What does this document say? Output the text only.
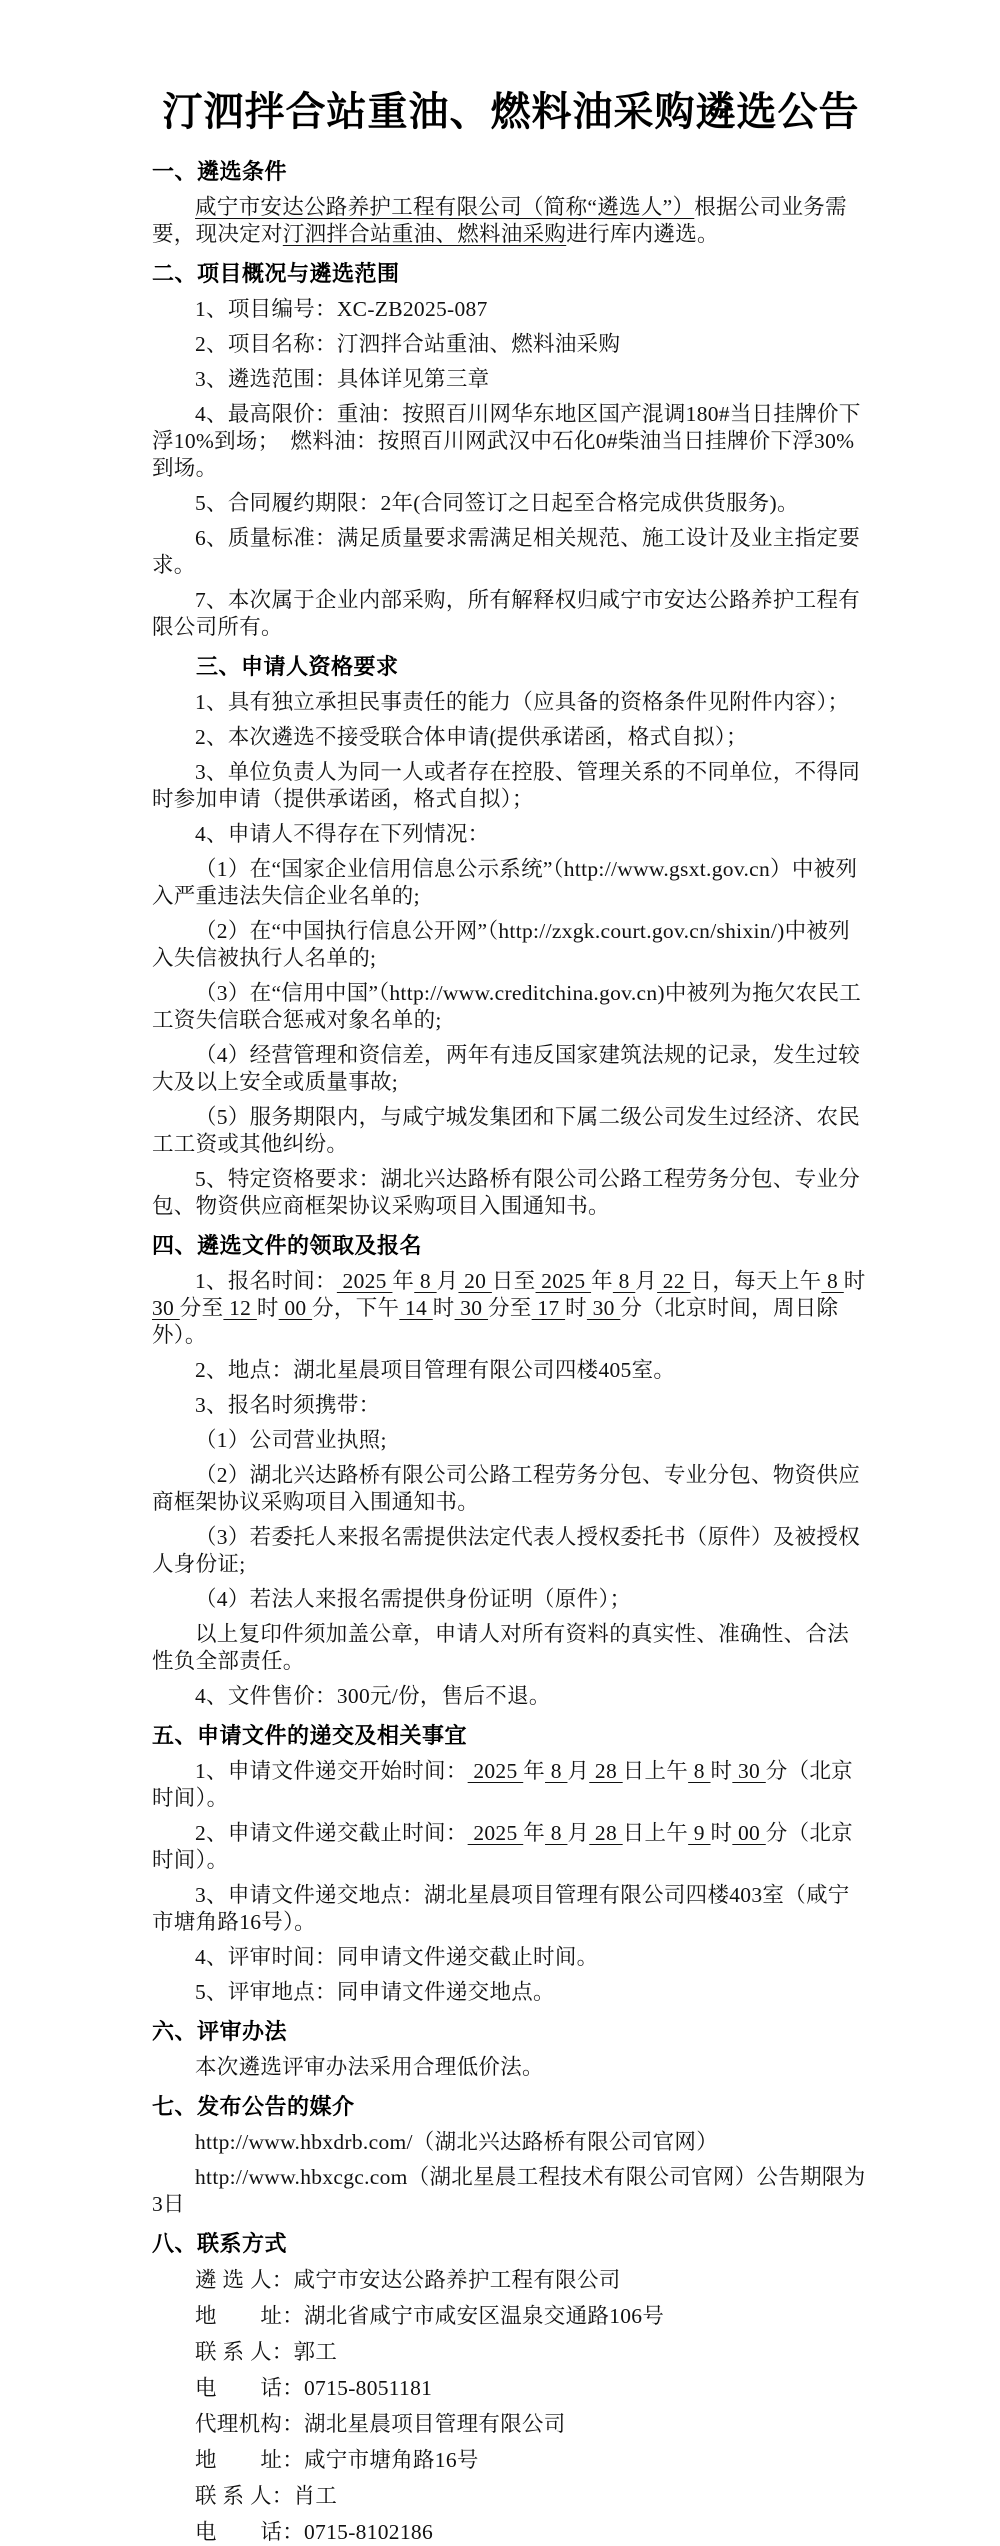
汀泗拌合站重油、燃料油采购遴选公告
一、遴选条件
咸宁市安达公路养护工程有限公司（简称“遴选人”）根据公司业务需要，现决定对汀泗拌合站重油、燃料油采购进行库内遴选。
二、项目概况与遴选范围
1、项目编号：XC-ZB2025-087
2、项目名称：汀泗拌合站重油、燃料油采购
3、遴选范围：具体详见第三章
4、最高限价：重油：按照百川网华东地区国产混调180#当日挂牌价下浮10%到场；　燃料油：按照百川网武汉中石化0#柴油当日挂牌价下浮30%到场。
5、合同履约期限：2年(合同签订之日起至合格完成供货服务)。
6、质量标准：满足质量要求需满足相关规范、施工设计及业主指定要求。
7、本次属于企业内部采购，所有解释权归咸宁市安达公路养护工程有限公司所有。
三、申请人资格要求
1、具有独立承担民事责任的能力（应具备的资格条件见附件内容）；
2、本次遴选不接受联合体申请(提供承诺函，格式自拟）；
3、单位负责人为同一人或者存在控股、管理关系的不同单位，不得同时参加申请（提供承诺函，格式自拟）；
4、申请人不得存在下列情况：
（1）在“国家企业信用信息公示系统”（http://www.gsxt.gov.cn）中被列入严重违法失信企业名单的;
（2）在“中国执行信息公开网”（http://zxgk.court.gov.cn/shixin/)中被列入失信被执行人名单的;
（3）在“信用中国”（http://www.creditchina.gov.cn)中被列为拖欠农民工工资失信联合惩戒对象名单的;
（4）经营管理和资信差，两年有违反国家建筑法规的记录，发生过较大及以上安全或质量事故;
（5）服务期限内，与咸宁城发集团和下属二级公司发生过经济、农民工工资或其他纠纷。
5、特定资格要求：湖北兴达路桥有限公司公路工程劳务分包、专业分包、物资供应商框架协议采购项目入围通知书。
四、遴选文件的领取及报名
1、报名时间： 2025 年 8 月 20 日至 2025 年 8 月 22 日，每天上午 8 时 30 分至 12 时 00 分，下午 14 时 30 分至 17 时 30 分（北京时间，周日除外）。
2、地点：湖北星晨项目管理有限公司四楼405室。
3、报名时须携带：
（1）公司营业执照;
（2）湖北兴达路桥有限公司公路工程劳务分包、专业分包、物资供应商框架协议采购项目入围通知书。
（3）若委托人来报名需提供法定代表人授权委托书（原件）及被授权人身份证;
（4）若法人来报名需提供身份证明（原件）；
以上复印件须加盖公章，申请人对所有资料的真实性、准确性、合法性负全部责任。
4、文件售价：300元/份，售后不退。
五、申请文件的递交及相关事宜
1、申请文件递交开始时间： 2025 年 8 月 28 日上午 8 时 30 分（北京时间）。
2、申请文件递交截止时间： 2025 年 8 月 28 日上午 9 时 00 分（北京时间）。
3、申请文件递交地点：湖北星晨项目管理有限公司四楼403室（咸宁市塘角路16号）。
4、评审时间：同申请文件递交截止时间。
5、评审地点：同申请文件递交地点。
六、评审办法
本次遴选评审办法采用合理低价法。
七、发布公告的媒介
http://www.hbxdrb.com/（湖北兴达路桥有限公司官网）
http://www.hbxcgc.com（湖北星晨工程技术有限公司官网）公告期限为3日
八、联系方式
遴 选 人：咸宁市安达公路养护工程有限公司
地　　址：湖北省咸宁市咸安区温泉交通路106号
联 系 人：郭工
电　　话：0715-8051181
代理机构：湖北星晨项目管理有限公司
地　　址：咸宁市塘角路16号
联 系 人：肖工
电　　话：0715-8102186
